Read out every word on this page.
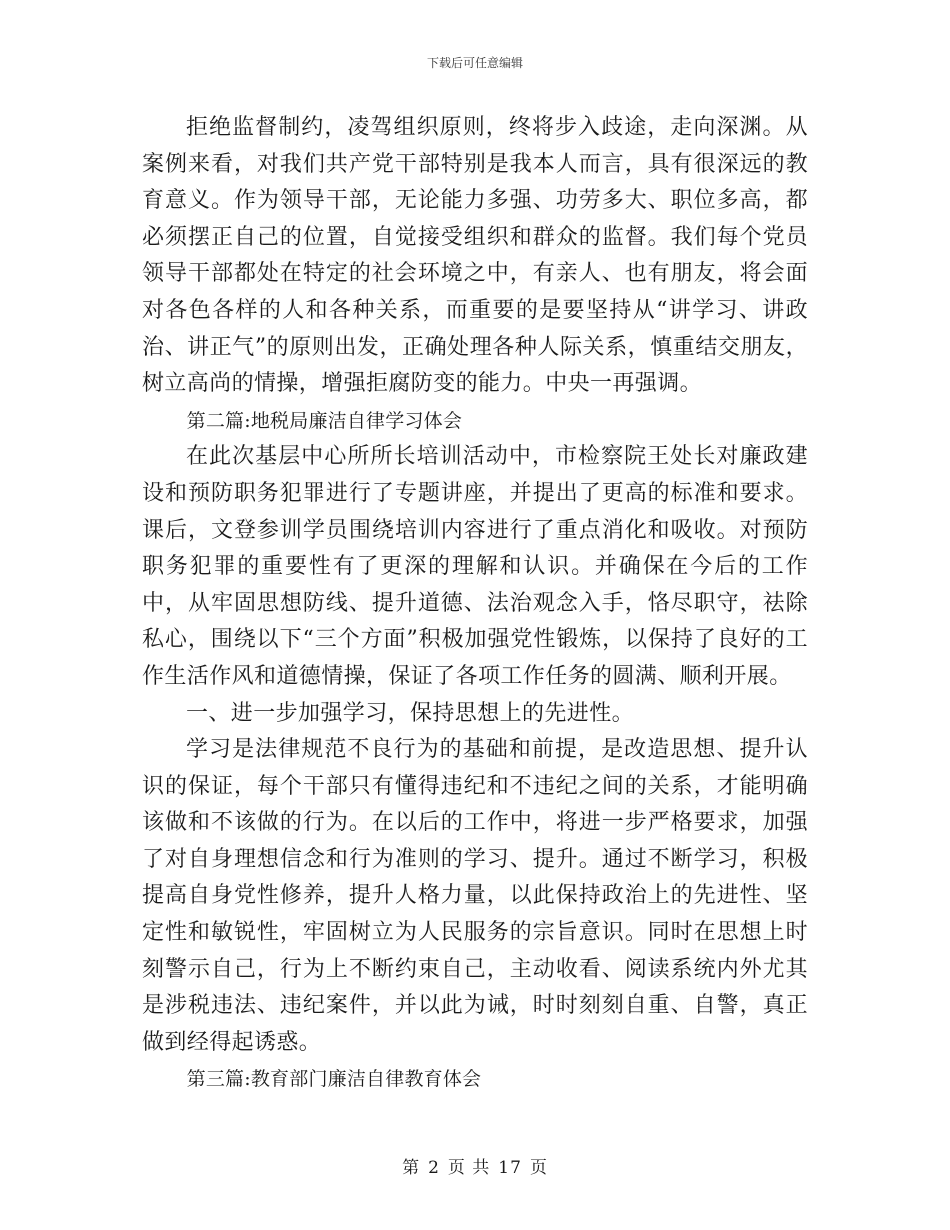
下载后可任意编辑

拒绝监督制约，凌驾组织原则，终将步入歧途，走向深渊。从案例来看，对我们共产党干部特别是我本人而言，具有很深远的教育意义。作为领导干部，无论能力多强、功劳多大、职位多高，都必须摆正自己的位置，自觉接受组织和群众的监督。我们每个党员领导干部都处在特定的社会环境之中，有亲人、也有朋友，将会面对各色各样的人和各种关系，而重要的是要坚持从“讲学习、讲政治、讲正气”的原则出发，正确处理各种人际关系，慎重结交朋友，树立高尚的情操，增强拒腐防变的能力。中央一再强调。

第二篇:地税局廉洁自律学习体会

在此次基层中心所所长培训活动中，市检察院王处长对廉政建设和预防职务犯罪进行了专题讲座，并提出了更高的标准和要求。课后，文登参训学员围绕培训内容进行了重点消化和吸收。对预防职务犯罪的重要性有了更深的理解和认识。并确保在今后的工作中，从牢固思想防线、提升道德、法治观念入手，恪尽职守，祛除私心，围绕以下“三个方面”积极加强党性锻炼，以保持了良好的工作生活作风和道德情操，保证了各项工作任务的圆满、顺利开展。

一、进一步加强学习，保持思想上的先进性。

学习是法律规范不良行为的基础和前提，是改造思想、提升认识的保证，每个干部只有懂得违纪和不违纪之间的关系，才能明确该做和不该做的行为。在以后的工作中，将进一步严格要求，加强了对自身理想信念和行为准则的学习、提升。通过不断学习，积极提高自身党性修养，提升人格力量，以此保持政治上的先进性、坚定性和敏锐性，牢固树立为人民服务的宗旨意识。同时在思想上时刻警示自己，行为上不断约束自己，主动收看、阅读系统内外尤其是涉税违法、违纪案件，并以此为诫，时时刻刻自重、自警，真正做到经得起诱惑。

第三篇:教育部门廉洁自律教育体会

第 2 页 共 17 页
